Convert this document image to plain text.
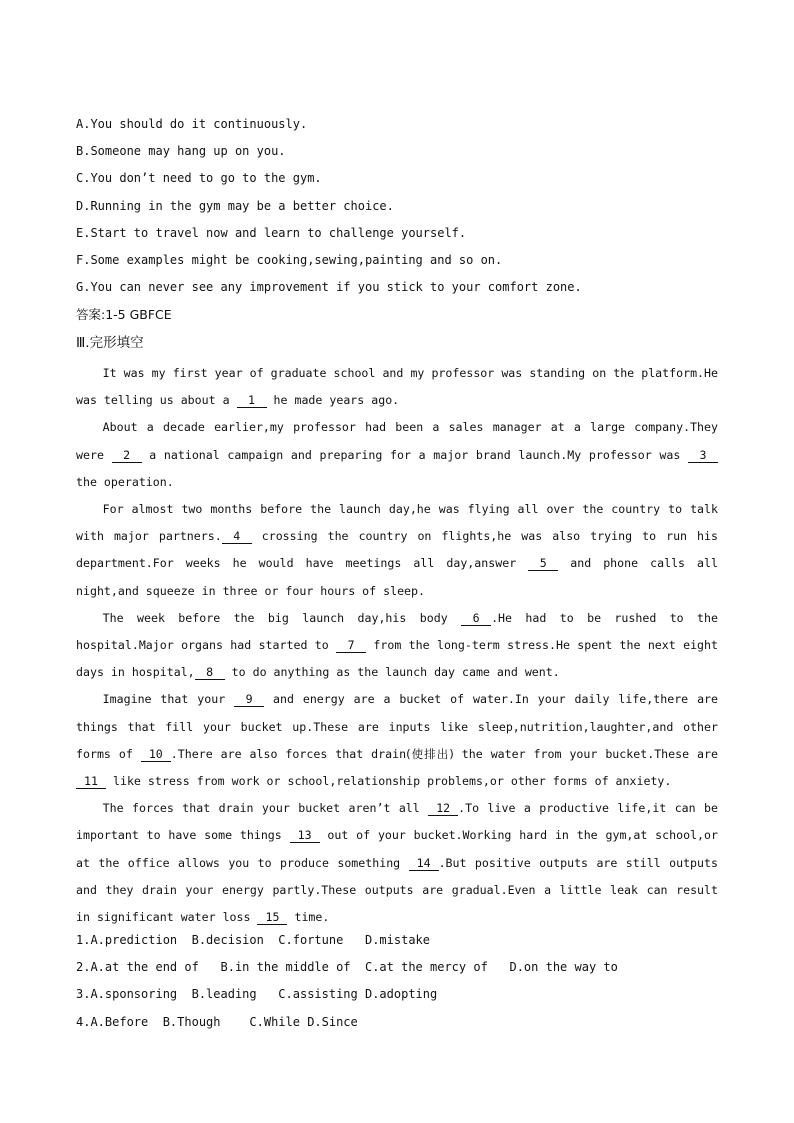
A.You should do it continuously.
B.Someone may hang up on you.
C.You don’t need to go to the gym.
D.Running in the gym may be a better choice.
E.Start to travel now and learn to challenge yourself.
F.Some examples might be cooking,sewing,painting and so on.
G.You can never see any improvement if you stick to your comfort zone.
答案:1-5 GBFCE
Ⅲ.完形填空

It was my first year of graduate school and my professor was standing on the platform.He was telling us about a 1 he made years ago.

About a decade earlier,my professor had been a sales manager at a large company.They were 2 a national campaign and preparing for a major brand launch.My professor was 3 the operation.

For almost two months before the launch day,he was flying all over the country to talk with major partners. 4 crossing the country on flights,he was also trying to run his department.For weeks he would have meetings all day,answer 5 and phone calls all night,and squeeze in three or four hours of sleep.

The week before the big launch day,his body 6 .He had to be rushed to the hospital.Major organs had started to 7 from the long-term stress.He spent the next eight days in hospital, 8 to do anything as the launch day came and went.

Imagine that your 9 and energy are a bucket of water.In your daily life,there are things that fill your bucket up.These are inputs like sleep,nutrition,laughter,and other forms of 10 .There are also forces that drain(使排出) the water from your bucket.These are 11 like stress from work or school,relationship problems,or other forms of anxiety.

The forces that drain your bucket aren’t all 12 .To live a productive life,it can be important to have some things 13 out of your bucket.Working hard in the gym,at school,or at the office allows you to produce something 14 .But positive outputs are still outputs and they drain your energy partly.These outputs are gradual.Even a little leak can result in significant water loss 15 time.

1.A.prediction  B.decision  C.fortune   D.mistake
2.A.at the end of   B.in the middle of  C.at the mercy of   D.on the way to
3.A.sponsoring  B.leading   C.assisting D.adopting
4.A.Before  B.Though    C.While D.Since
